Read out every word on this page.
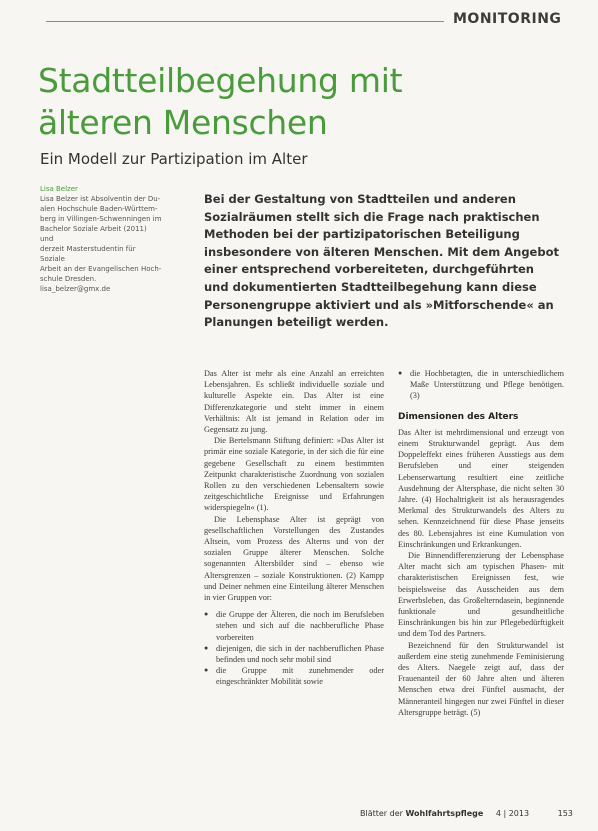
MONITORING
Stadtteilbegehung mit
älteren Menschen
Ein Modell zur Partizipation im Alter

Lisa Belzer

Lisa Belzer ist Absolventin der Du-

alen Hochschule Baden-Württem-

berg in Villingen-Schwenningen im

Bachelor Soziale Arbeit (2011) und

derzeit Masterstudentin für Soziale

Arbeit an der Evangelischen Hoch-

schule Dresden.

lisa_belzer@gmx.de

Bei der Gestaltung von Stadtteilen und anderen Sozialräumen stellt sich die Frage nach praktischen Methoden bei der partizipatorischen Beteiligung insbesondere von älteren Menschen. Mit dem Angebot einer entsprechend vorbereiteten, durchgeführten und dokumentierten Stadtteilbegehung kann diese Personengruppe aktiviert und als »Mitforschende« an Planungen beteiligt werden.

Das Alter ist mehr als eine Anzahl an erreichten Lebensjahren. Es schließt individuelle soziale und kulturelle Aspekte ein. Das Alter ist eine Differenzkategorie und steht immer in einem Verhältnis: Alt ist jemand in Relation oder im Gegensatz zu jung.

Die Bertelsmann Stiftung definiert: »Das Alter ist primär eine soziale Kategorie, in der sich die für eine gegebene Gesellschaft zu einem bestimmten Zeitpunkt charakteristische Zuordnung von sozialen Rollen zu den verschiedenen Lebensaltern sowie zeitgeschichtliche Ereignisse und Erfahrungen widerspiegeln« (1).

Die Lebensphase Alter ist geprägt von gesellschaftlichen Vorstellungen des Zustandes Altsein, vom Prozess des Alterns und von der sozialen Gruppe älterer Menschen. Solche sogenannten Altersbilder sind – ebenso wie Altersgrenzen – soziale Konstruktionen. (2) Kampp und Deiner nehmen eine Einteilung älterer Menschen in vier Gruppen vor:

● die Gruppe der Älteren, die noch im Berufsleben stehen und sich auf die nachberufliche Phase vorbereiten
● diejenigen, die sich in der nachberuflichen Phase befinden und noch sehr mobil sind
● die Gruppe mit zunehmender oder eingeschränkter Mobilität sowie
● die Hochbetagten, die in unterschiedlichem Maße Unterstützung und Pflege benötigen. (3)
Dimensionen des Alters

Das Alter ist mehrdimensional und erzeugt von einem Strukturwandel geprägt. Aus dem Doppeleffekt eines früheren Ausstiegs aus dem Berufsleben und einer steigenden Lebenserwartung resultiert eine zeitliche Ausdehnung der Altersphase, die nicht selten 30 Jahre. (4) Hochaltrigkeit ist als herausragendes Merkmal des Strukturwandels des Alters zu sehen. Kennzeichnend für diese Phase jenseits des 80. Lebensjahres ist eine Kumulation von Einschränkungen und Erkrankungen.

Die Binnendifferenzierung der Lebensphase Alter macht sich am typischen Phasen- mit charakteristischen Ereignissen fest, wie beispielsweise das Ausscheiden aus dem Erwerbsleben, das Großelterndasein, beginnende funktionale und gesundheitliche Einschränkungen bis hin zur Pflegebedürftigkeit und dem Tod des Partners.

Bezeichnend für den Strukturwandel ist außerdem eine stetig zunehmende Feminisierung des Alters. Naegele zeigt auf, dass der Frauenanteil der 60 Jahre alten und älteren Menschen etwa drei Fünftel ausmacht, der Männeranteil hingegen nur zwei Fünftel in dieser Altersgruppe beträgt. (5)

Blätter der Wohlfahrtspflege 4 | 2013	153
